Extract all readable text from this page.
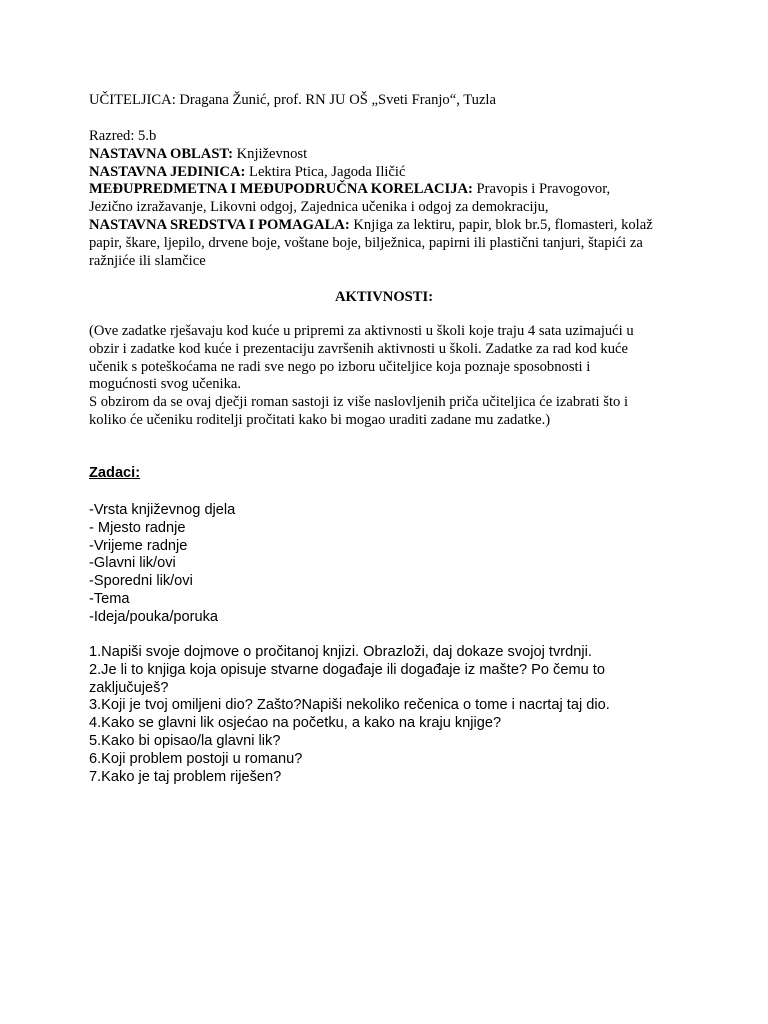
UČITELJICA: Dragana Žunić, prof. RN JU OŠ „Sveti Franjo“, Tuzla
Razred: 5.b
NASTAVNA OBLAST: Književnost
NASTAVNA JEDINICA: Lektira Ptica, Jagoda Iličić
MEĐUPREDMETNA I MEĐUPODRUČNA KORELACIJA: Pravopis i Pravogovor,
Jezično izražavanje, Likovni odgoj, Zajednica učenika i odgoj za demokraciju,
NASTAVNA SREDSTVA I POMAGALA: Knjiga za lektiru, papir, blok br.5, flomasteri, kolaž
papir, škare, ljepilo, drvene boje, voštane boje, bilježnica, papirni ili plastični tanjuri, štapići za
ražnjiće ili slamčice
AKTIVNOSTI:
(Ove zadatke rješavaju kod kuće u pripremi za aktivnosti u školi koje traju 4 sata uzimajući u
obzir i zadatke kod kuće i prezentaciju završenih aktivnosti u školi. Zadatke za rad kod kuće
učenik s poteškoćama ne radi sve nego po izboru učiteljice koja poznaje sposobnosti i
mogućnosti svog učenika.
S obzirom da se ovaj dječji roman sastoji iz više naslovljenih priča učiteljica će izabrati što i
koliko će učeniku roditelji pročitati kako bi mogao uraditi zadane mu zadatke.)
Zadaci:
-Vrsta književnog djela
- Mjesto radnje
-Vrijeme radnje
-Glavni lik/ovi
-Sporedni lik/ovi
-Tema
-Ideja/pouka/poruka
1.Napiši svoje dojmove o pročitanoj knjizi. Obrazloži, daj dokaze svojoj tvrdnji.
2.Je li to knjiga koja opisuje stvarne događaje ili događaje iz mašte? Po čemu to
zaključuješ?
3.Koji je tvoj omiljeni dio? Zašto?Napiši nekoliko rečenica o tome i nacrtaj taj dio.
4.Kako se glavni lik osjećao na početku, a kako na kraju knjige?
5.Kako bi opisao/la glavni lik?
6.Koji problem postoji u romanu?
7.Kako je taj problem riješen?
